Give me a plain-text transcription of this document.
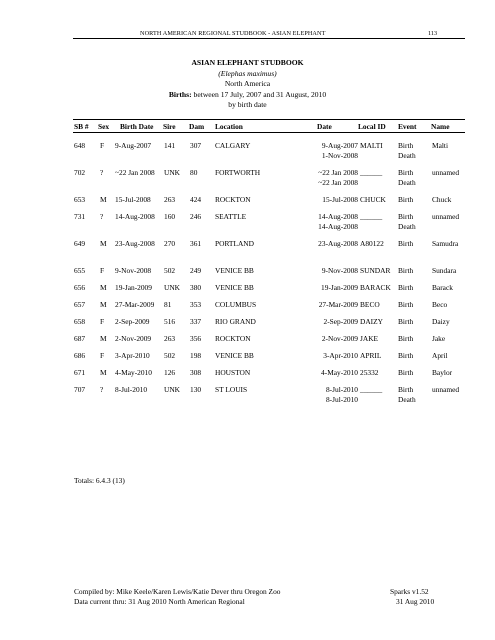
NORTH AMERICAN REGIONAL STUDBOOK - ASIAN ELEPHANT	113
ASIAN ELEPHANT STUDBOOK
(Elephas maximus)
North America
Births: between 17 July, 2007 and 31 August, 2010
by birth date
SB # Sex Birth Date Sire Dam Location	Date	Local ID Event Name
648 F 9-Aug-2007 141 307 CALGARY	9-Aug-2007 MALTI Birth	Malti
1-Nov-2008	Death
702 ? ~22 Jan 2008 UNK 80 FORTWORTH	~22 Jan 2008 ______ Birth	unnamed
~22 Jan 2008	Death
653 M 15-Jul-2008 263 424 ROCKTON	15-Jul-2008 CHUCK Birth	Chuck
731 ? 14-Aug-2008 160 246 SEATTLE	14-Aug-2008 ______ Birth	unnamed
14-Aug-2008	Death
649 M 23-Aug-2008 270 361 PORTLAND	23-Aug-2008 A80122 Birth	Samudra
655 F 9-Nov-2008 502 249 VENICE BB	9-Nov-2008 SUNDAR Birth	Sundara
656 M 19-Jan-2009 UNK 380 VENICE BB	19-Jan-2009 BARACK Birth	Barack
657 M 27-Mar-2009 81	353 COLUMBUS	27-Mar-2009 BECO Birth	Beco
658 F 2-Sep-2009 516 337 RIO GRAND	2-Sep-2009 DAIZY Birth	Daizy
687 M 2-Nov-2009 263 356 ROCKTON	2-Nov-2009 JAKE	Birth	Jake
686 F 3-Apr-2010 502 198 VENICE BB	3-Apr-2010 APRIL Birth	April
671 M 4-May-2010 126 308 HOUSTON	4-May-2010 25332	Birth	Baylor
707 ? 8-Jul-2010 UNK 130 ST LOUIS	8-Jul-2010 ______ Birth	unnamed
8-Jul-2010	Death
Totals: 6.4.3 (13)
Compiled by: Mike Keele/Karen Lewis/Katie Dever thru Oregon Zoo
Data current thru: 31 Aug 2010 North American Regional
Sparks v1.52
31 Aug 2010
